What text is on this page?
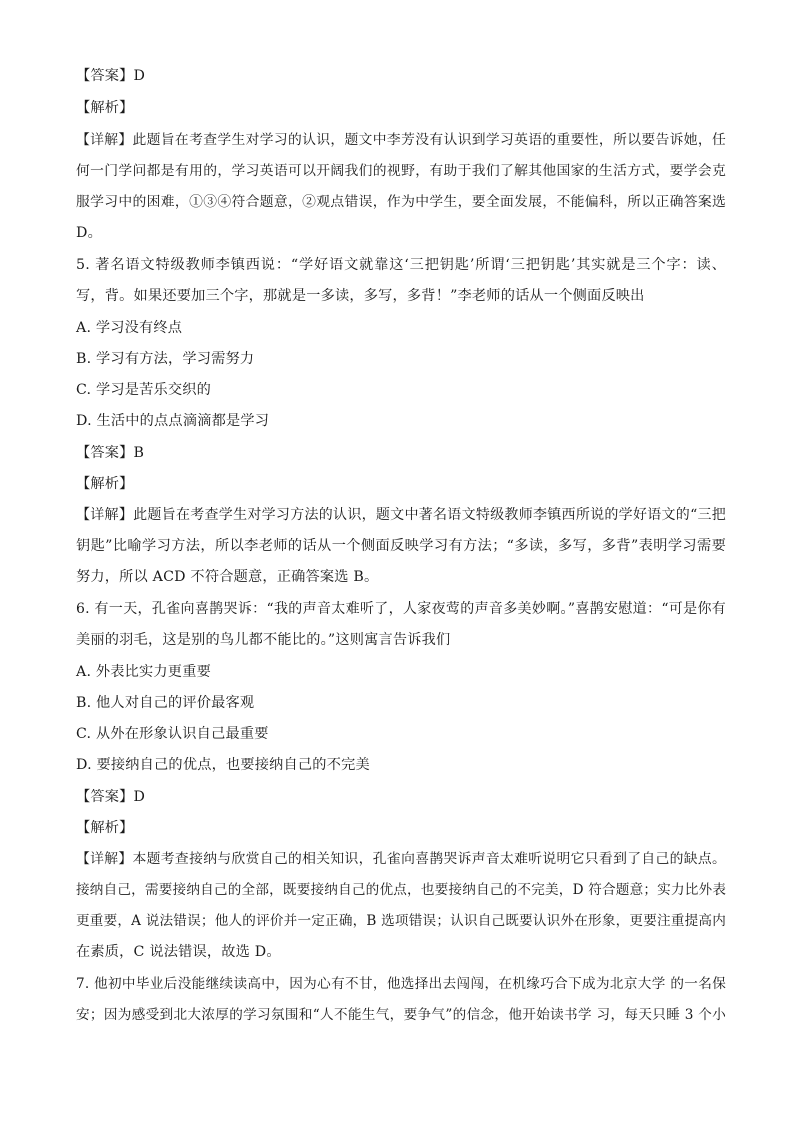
【答案】D
【解析】
【详解】此题旨在考查学生对学习的认识，题文中李芳没有认识到学习英语的重要性，所以要告诉她，任
何一门学问都是有用的，学习英语可以开阔我们的视野，有助于我们了解其他国家的生活方式，要学会克
服学习中的困难，①③④符合题意，②观点错误，作为中学生，要全面发展，不能偏科，所以正确答案选
D。
5. 著名语文特级教师李镇西说：“学好语文就靠这‘三把钥匙’所谓‘三把钥匙’其实就是三个字：读、
写，背。如果还要加三个字，那就是一多读，多写，多背！”李老师的话从一个侧面反映出
A. 学习没有终点
B. 学习有方法，学习需努力
C. 学习是苦乐交织的
D. 生活中的点点滴滴都是学习
【答案】B
【解析】
【详解】此题旨在考查学生对学习方法的认识，题文中著名语文特级教师李镇西所说的学好语文的“三把
钥匙”比喻学习方法，所以李老师的话从一个侧面反映学习有方法；“多读，多写，多背”表明学习需要
努力，所以 ACD 不符合题意，正确答案选 B。
6. 有一天，孔雀向喜鹊哭诉：“我的声音太难听了，人家夜莺的声音多美妙啊。”喜鹊安慰道：“可是你有
美丽的羽毛，这是别的鸟儿都不能比的。”这则寓言告诉我们
A. 外表比实力更重要
B. 他人对自己的评价最客观
C. 从外在形象认识自己最重要
D. 要接纳自己的优点，也要接纳自己的不完美
【答案】D
【解析】
【详解】本题考查接纳与欣赏自己的相关知识，孔雀向喜鹊哭诉声音太难听说明它只看到了自己的缺点。
接纳自己，需要接纳自己的全部，既要接纳自己的优点，也要接纳自己的不完美，D 符合题意；实力比外表
更重要，A 说法错误；他人的评价并一定正确，B 选项错误；认识自己既要认识外在形象，更要注重提高内
在素质，C 说法错误，故选 D。
7. 他初中毕业后没能继续读高中，因为心有不甘，他选择出去闯闯，在机缘巧合下成为北京大学 的一名保
安；因为感受到北大浓厚的学习氛围和“人不能生气，要争气”的信念，他开始读书学 习，每天只睡 3 个小
